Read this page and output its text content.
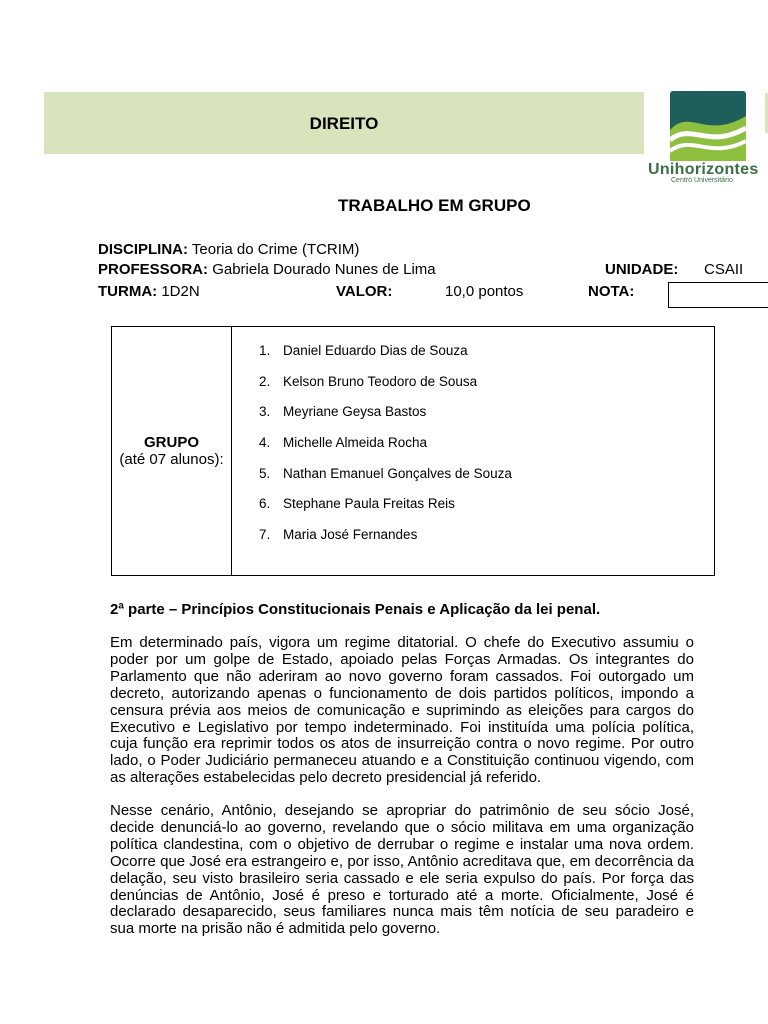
DIREITO
Unihorizontes
Centro Universitário
TRABALHO EM GRUPO
DISCIPLINA: Teoria do Crime (TCRIM)
PROFESSORA: Gabriela Dourado Nunes de Lima	UNIDADE: CSAII
TURMA: 1D2N	VALOR:	10,0 pontos	NOTA:
GRUPO
(até 07 alunos):
1. Daniel Eduardo Dias de Souza
2. Kelson Bruno Teodoro de Sousa
3. Meyriane Geysa Bastos
4. Michelle Almeida Rocha
5. Nathan Emanuel Gonçalves de Souza
6. Stephane Paula Freitas Reis
7. Maria José Fernandes
2ª parte – Princípios Constitucionais Penais e Aplicação da lei penal.

Em determinado país, vigora um regime ditatorial. O chefe do Executivo assumiu o poder por um golpe de Estado, apoiado pelas Forças Armadas. Os integrantes do Parlamento que não aderiram ao novo governo foram cassados. Foi outorgado um decreto, autorizando apenas o funcionamento de dois partidos políticos, impondo a censura prévia aos meios de comunicação e suprimindo as eleições para cargos do Executivo e Legislativo por tempo indeterminado. Foi instituída uma polícia política, cuja função era reprimir todos os atos de insurreição contra o novo regime. Por outro lado, o Poder Judiciário permaneceu atuando e a Constituição continuou vigendo, com as alterações estabelecidas pelo decreto presidencial já referido.

Nesse cenário, Antônio, desejando se apropriar do patrimônio de seu sócio José, decide denunciá-lo ao governo, revelando que o sócio militava em uma organização política clandestina, com o objetivo de derrubar o regime e instalar uma nova ordem. Ocorre que José era estrangeiro e, por isso, Antônio acreditava que, em decorrência da delação, seu visto brasileiro seria cassado e ele seria expulso do país. Por força das denúncias de Antônio, José é preso e torturado até a morte. Oficialmente, José é declarado desaparecido, seus familiares nunca mais têm notícia de seu paradeiro e sua morte na prisão não é admitida pelo governo.
